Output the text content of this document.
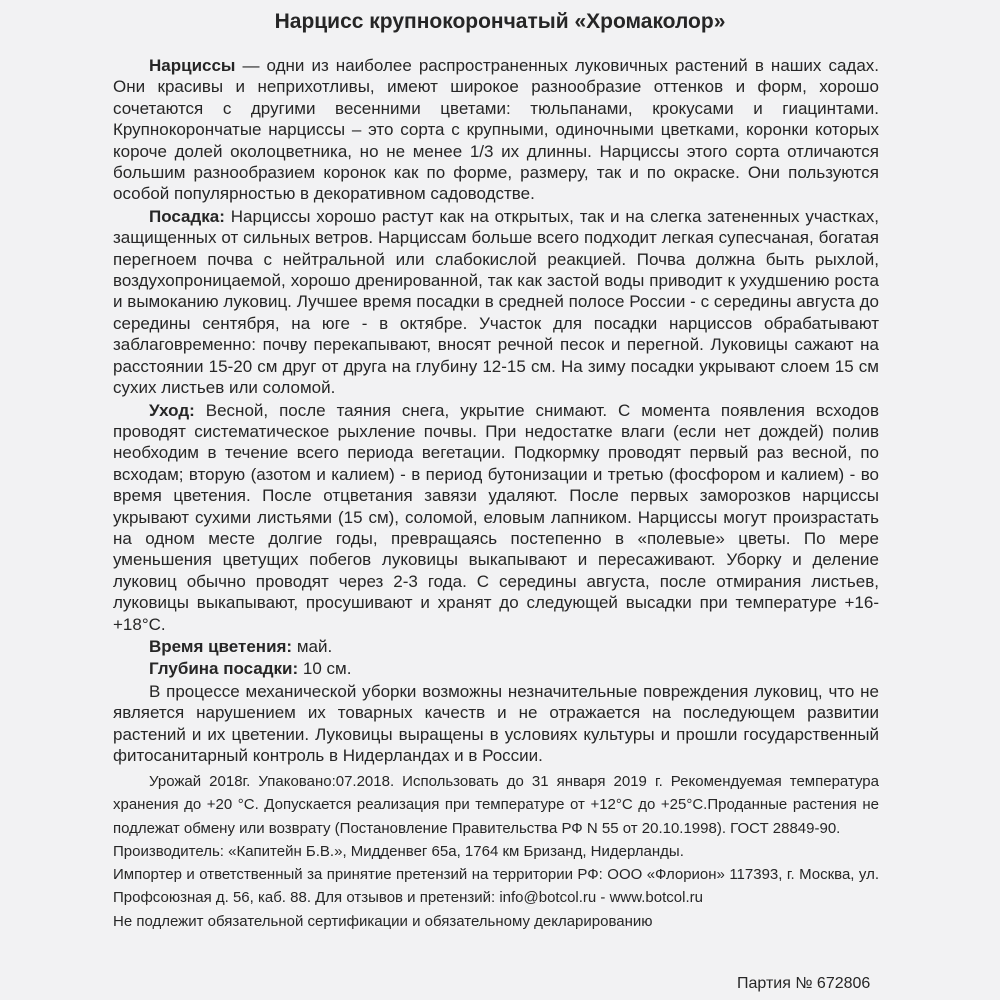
Нарцисс крупнокорончатый «Хромаколор»

Нарциссы — одни из наиболее распространенных луковичных растений в наших садах. Они красивы и неприхотливы, имеют широкое разнообразие оттенков и форм, хорошо сочетаются с другими весенними цветами: тюльпанами, крокусами и гиацинтами. Крупнокорончатые нарциссы – это сорта с крупными, одиночными цветками, коронки которых короче долей околоцветника, но не менее 1/3 их длинны. Нарциссы этого сорта отличаются большим разнообразием коронок как по форме, размеру, так и по окраске. Они пользуются особой популярностью в декоративном садоводстве.

Посадка: Нарциссы хорошо растут как на открытых, так и на слегка затененных участках, защищенных от сильных ветров. Нарциссам больше всего подходит легкая супесчаная, богатая перегноем почва с нейтральной или слабокислой реакцией. Почва должна быть рыхлой, воздухопроницаемой, хорошо дренированной, так как застой воды приводит к ухудшению роста и вымоканию луковиц. Лучшее время посадки в средней полосе России - с середины августа до середины сентября, на юге - в октябре. Участок для посадки нарциссов обрабатывают заблаговременно: почву перекапывают, вносят речной песок и перегной. Луковицы сажают на расстоянии 15-20 см друг от друга на глубину 12-15 см. На зиму посадки укрывают слоем 15 см сухих листьев или соломой.

Уход: Весной, после таяния снега, укрытие снимают. С момента появления всходов проводят систематическое рыхление почвы. При недостатке влаги (если нет дождей) полив необходим в течение всего периода вегетации. Подкормку проводят первый раз весной, по всходам; вторую (азотом и калием) - в период бутонизации и третью (фосфором и калием) - во время цветения. После отцветания завязи удаляют. После первых заморозков нарциссы укрывают сухими листьями (15 см), соломой, еловым лапником. Нарциссы могут произрастать на одном месте долгие годы, превращаясь постепенно в «полевые» цветы. По мере уменьшения цветущих побегов луковицы выкапывают и пересаживают. Уборку и деление луковиц обычно проводят через 2-3 года. С середины августа, после отмирания листьев, луковицы выкапывают, просушивают и хранят до следующей высадки при температуре +16-+18°С.

Время цветения: май.

Глубина посадки: 10 см.

В процессе механической уборки возможны незначительные повреждения луковиц, что не является нарушением их товарных качеств и не отражается на последующем развитии растений и их цветении. Луковицы выращены в условиях культуры и прошли государственный фитосанитарный контроль в Нидерландах и в России.

Урожай 2018г. Упаковано:07.2018. Использовать до 31 января 2019 г. Рекомендуемая температура хранения до +20 °С. Допускается реализация при температуре от +12°С до +25°С.Проданные растения не подлежат обмену или возврату (Постановление Правительства РФ N 55 от 20.10.1998). ГОСТ 28849-90.

Производитель: «Капитейн Б.В.», Мидденвег 65а, 1764 км Бризанд, Нидерланды.

Импортер и ответственный за принятие претензий на территории РФ: ООО «Флорион» 117393, г. Москва, ул. Профсоюзная д. 56, каб. 88. Для отзывов и претензий: info@botcol.ru - www.botcol.ru

Не подлежит обязательной сертификации и обязательному декларированию

Партия № 672806
